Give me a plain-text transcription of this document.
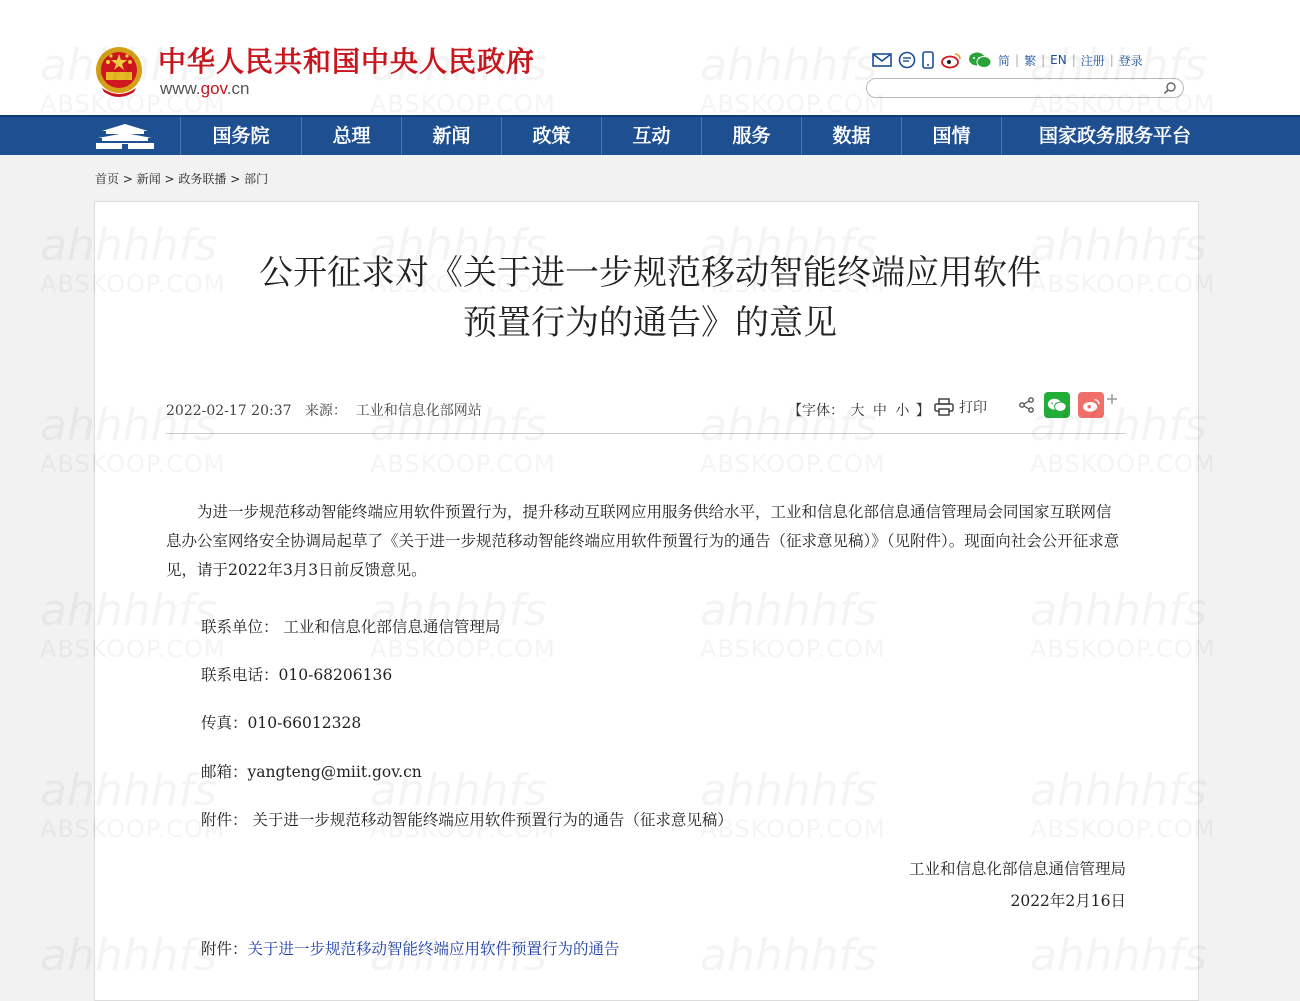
中华人民共和国中央人民政府
www.gov.cn
简 | 繁 | EN | 注册 | 登录
国务院	总理	新闻	政策	互动	服务	数据	国情	国家政务服务平台
首页 > 新闻 > 政务联播 > 部门
公开征求对《关于进一步规范移动智能终端应用软件
预置行为的通告》的意见
2022-02-17 20:37 来源： 工业和信息化部网站	【字体： 大 中 小 】 打印
为进一步规范移动智能终端应用软件预置行为，提升移动互联网应用服务供给水平，工业和信息化部信息通信管理局会同国家互联网信息办公室网络安全协调局起草了《关于进一步规范移动智能终端应用软件预置行为的通告（征求意见稿）》（见附件）。现面向社会公开征求意见，请于2022年3月3日前反馈意见。
联系单位： 工业和信息化部信息通信管理局
联系电话：010-68206136
传真：010-66012328
邮箱：yangteng@miit.gov.cn
附件： 关于进一步规范移动智能终端应用软件预置行为的通告（征求意见稿）
工业和信息化部信息通信管理局
2022年2月16日
附件：关于进一步规范移动智能终端应用软件预置行为的通告
